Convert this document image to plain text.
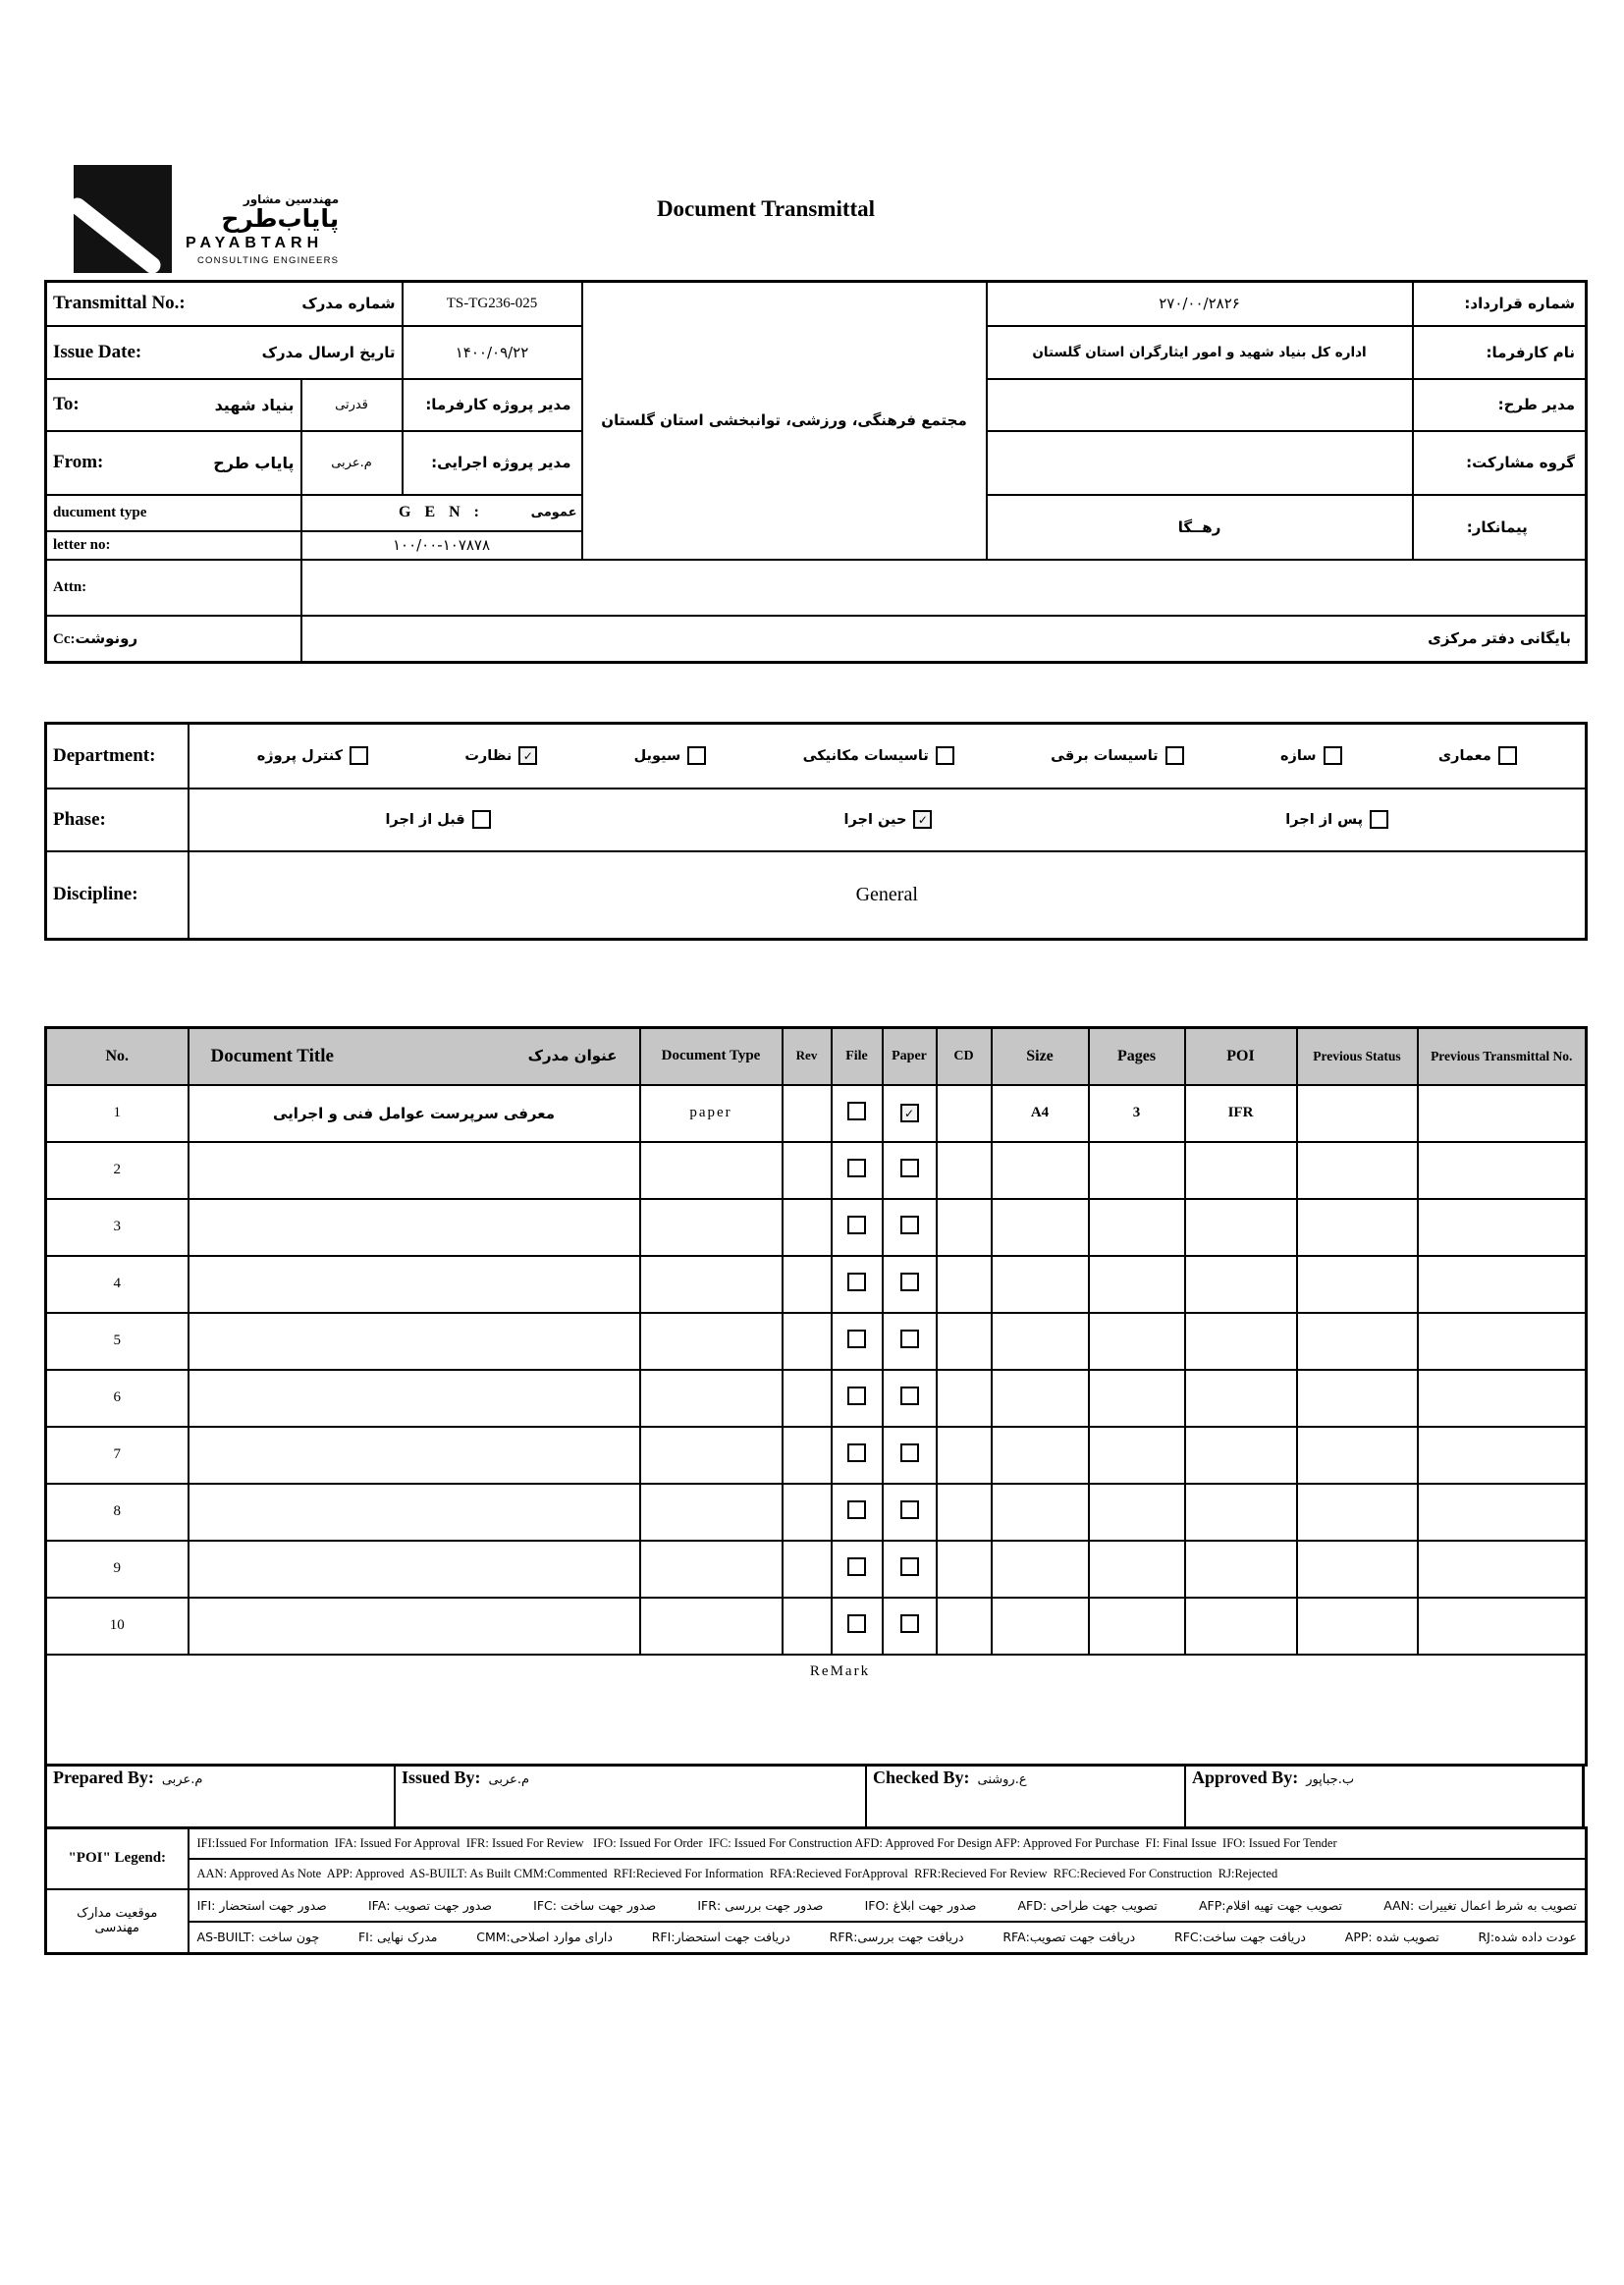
مهندسین مشاور
پایاب‌طرح
PAYABTARH
CONSULTING ENGINEERS
Document Transmittal
Transmittal No.: شماره مدرک		TS-TG236-025	مجتمع فرهنگی، ورزشی، توانبخشی استان گلستان	۲۷۰/۰۰/۲۸۲۶	شماره قرارداد:

Issue Date: تاریخ ارسال مدرک		۱۴۰۰/۰۹/۲۲		اداره کل بنیاد شهید و امور ایثارگران استان گلستان	نام کارفرما:

To: بنیاد شهید	قدرتی	مدیر پروژه کارفرما:			مدیر طرح:

From: پایاب طرح	م.عربی	مدیر پروژه اجرایی:			گروه مشارکت:
ducument type	G E N : عمومی			رهــگا	پیمانکار:
letter no:	۱۰۰/۰۰-۱۰۷۸۷۸				
Attn:					
Cc:رونوشت	بایگانی دفتر مرکزی				
Department:	معماری
سازه
تاسیسات برقی
تاسیسات مکانیکی
سیویل
✓
نظارت
کنترل پروژه

Phase:	پس از اجرا
✓
حین اجرا
قبل از اجرا

Discipline:	General
No.	Document Title عنوان مدرک	Document Type	Rev	File	Paper	CD	Size	Pages	POI	Previous Status	Previous Transmittal No.
1	معرفی سرپرست عوامل فنی و اجرایی	paper			✓		A4	3	IFR		
2											
3											
4											
5											
6											
7											
8											
9											
10											
ReMark											
Prepared By: م.عربی	Issued By: م.عربی	Checked By: ع.روشنی	Approved By: ب.جباپور
"POI" Legend:	IFI:Issued For Information  IFA: Issued For Approval  IFR: Issued For Review   IFO: Issued For Order  IFC: Issued For Construction AFD: Approved For Design AFP: Approved For Purchase  FI: Final Issue  IFO: Issued For Tender
	AAN: Approved As Note  APP: Approved  AS-BUILT: As Built CMM:Commented  RFI:Recieved For Information  RFA:Recieved ForApproval  RFR:Recieved For Review  RFC:Recieved For Construction  RJ:Rejected
موقعیت مدارک مهندسی	
تصویب به شرط اعمال تغییرات :AAN
تصویب جهت تهیه اقلام:AFP
تصویب جهت طراحی :AFD
صدور جهت ابلاغ :IFO
صدور جهت بررسی :IFR
صدور جهت ساخت :IFC
صدور جهت تصویب :IFA
صدور جهت استحضار :IFI

عودت داده شده:RJ
تصویب شده :APP
دریافت جهت ساخت:RFC
دریافت جهت تصویب:RFA
دریافت جهت بررسی:RFR
دریافت جهت استحضار:RFI
دارای موارد اصلاحی:CMM
مدرک نهایی :FI
چون ساخت :AS-BUILT
